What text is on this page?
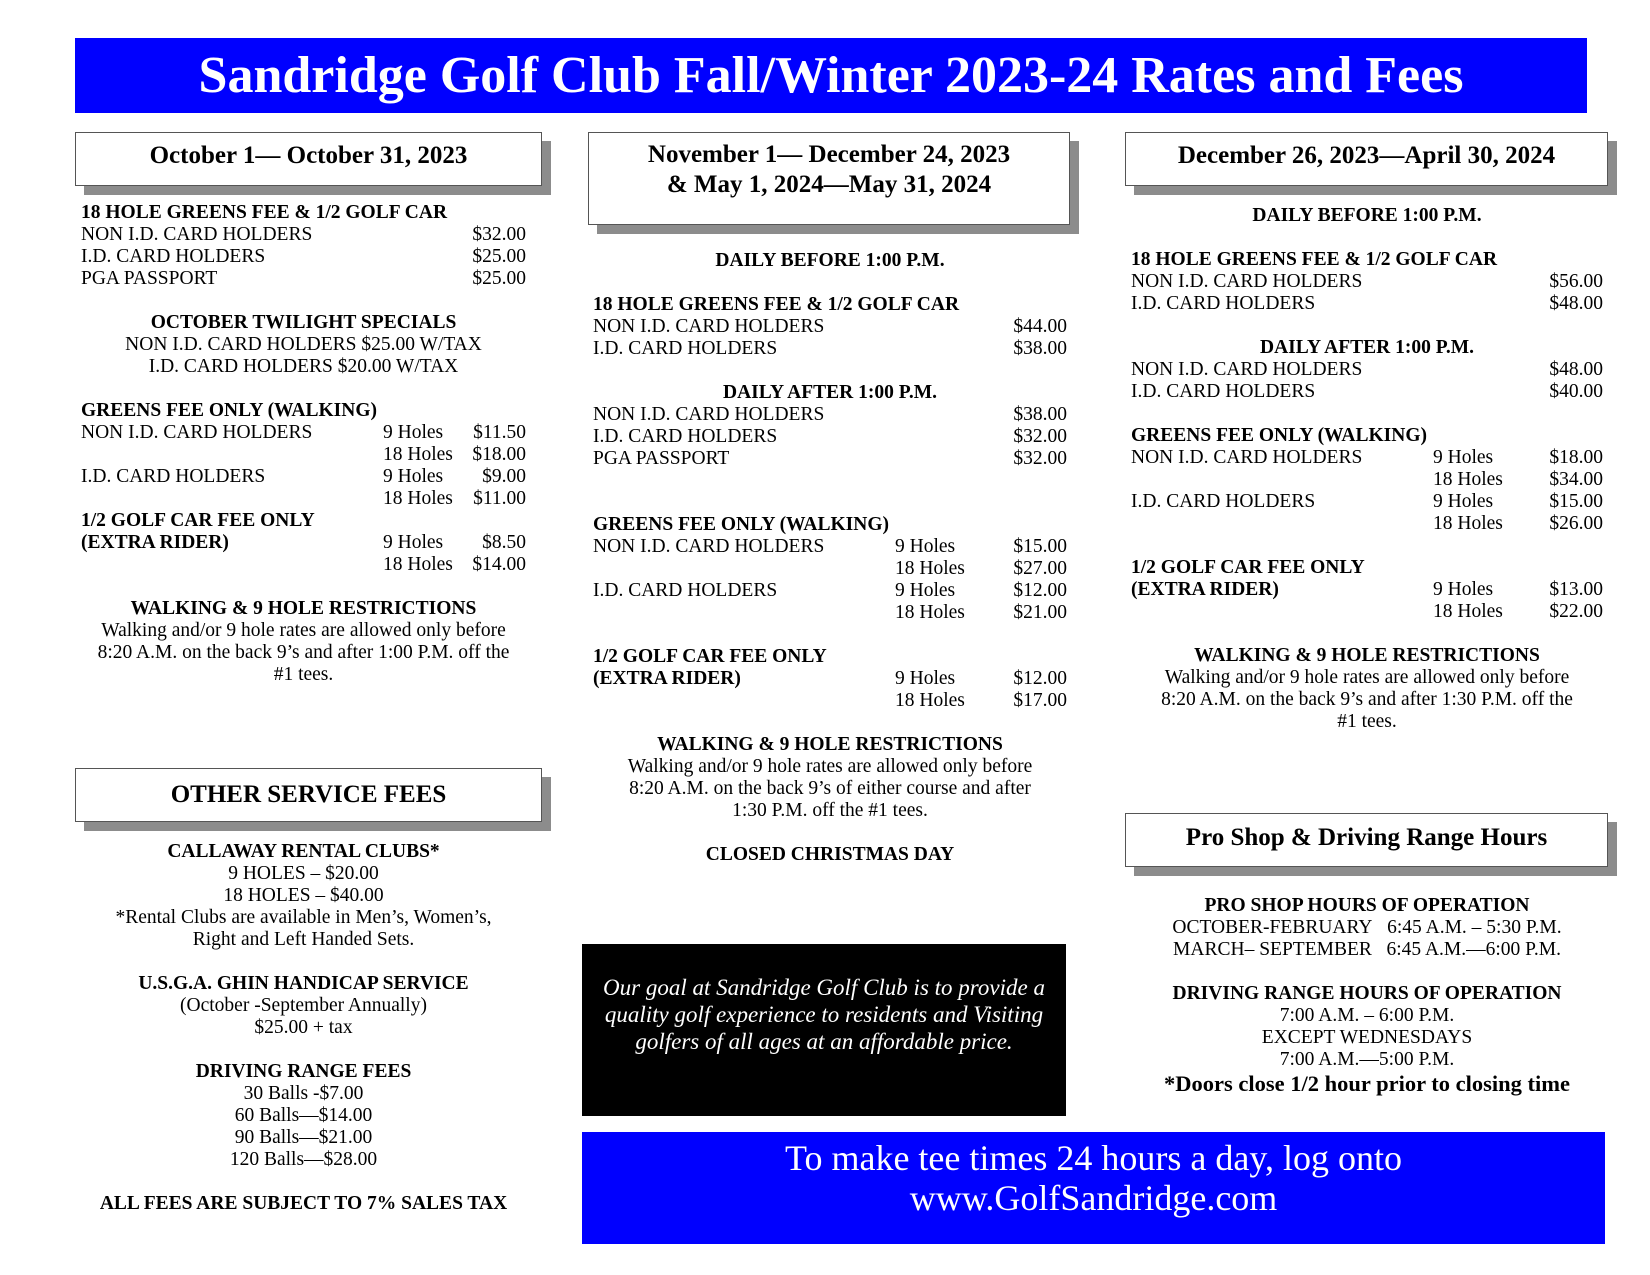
Sandridge Golf Club Fall/Winter 2023-24 Rates and Fees
October 1— October 31, 2023
18 HOLE GREENS FEE & 1/2 GOLF CAR
NON I.D. CARD HOLDERS	$32.00
I.D. CARD HOLDERS	$25.00
PGA PASSPORT	$25.00
OCTOBER TWILIGHT SPECIALS
NON I.D. CARD HOLDERS $25.00 W/TAX
I.D. CARD HOLDERS $20.00 W/TAX
GREENS FEE ONLY (WALKING)
NON I.D. CARD HOLDERS	9 Holes	$11.50
	18 Holes	$18.00
I.D. CARD HOLDERS	9 Holes	$9.00
	18 Holes	$11.00
1/2 GOLF CAR FEE ONLY		
(EXTRA RIDER)	9 Holes	$8.50
	18 Holes	$14.00
WALKING & 9 HOLE RESTRICTIONS
Walking and/or 9 hole rates are allowed only before
8:20 A.M. on the back 9’s and after 1:00 P.M. off the
#1 tees.
OTHER SERVICE FEES
CALLAWAY RENTAL CLUBS*
9 HOLES – $20.00
18 HOLES – $40.00
*Rental Clubs are available in Men’s, Women’s,
Right and Left Handed Sets.
U.S.G.A. GHIN HANDICAP SERVICE
(October -September Annually)
$25.00 + tax
DRIVING RANGE FEES
30 Balls -$7.00
60 Balls—$14.00
90 Balls—$21.00
120 Balls—$28.00
ALL FEES ARE SUBJECT TO 7% SALES TAX
November 1— December 24, 2023
& May 1, 2024—May 31, 2024
DAILY BEFORE 1:00 P.M.
18 HOLE GREENS FEE & 1/2 GOLF CAR
NON I.D. CARD HOLDERS	$44.00
I.D. CARD HOLDERS	$38.00
DAILY AFTER 1:00 P.M.
NON I.D. CARD HOLDERS	$38.00
I.D. CARD HOLDERS	$32.00
PGA PASSPORT	$32.00
GREENS FEE ONLY (WALKING)
NON I.D. CARD HOLDERS	9 Holes	$15.00
	18 Holes	$27.00
I.D. CARD HOLDERS	9 Holes	$12.00
	18 Holes	$21.00
1/2 GOLF CAR FEE ONLY		
(EXTRA RIDER)	9 Holes	$12.00
	18 Holes	$17.00
WALKING & 9 HOLE RESTRICTIONS
Walking and/or 9 hole rates are allowed only before
8:20 A.M. on the back 9’s of either course and after
1:30 P.M. off the #1 tees.
CLOSED CHRISTMAS DAY
Our goal at Sandridge Golf Club is to provide a quality golf experience to residents and Visiting golfers of all ages at an affordable price.
December 26, 2023—April 30, 2024
DAILY BEFORE 1:00 P.M.
18 HOLE GREENS FEE & 1/2 GOLF CAR
NON I.D. CARD HOLDERS	$56.00
I.D. CARD HOLDERS	$48.00
DAILY AFTER 1:00 P.M.
NON I.D. CARD HOLDERS	$48.00
I.D. CARD HOLDERS	$40.00
GREENS FEE ONLY (WALKING)
NON I.D. CARD HOLDERS	9 Holes	$18.00
	18 Holes	$34.00
I.D. CARD HOLDERS	9 Holes	$15.00
	18 Holes	$26.00
1/2 GOLF CAR FEE ONLY		
(EXTRA RIDER)	9 Holes	$13.00
	18 Holes	$22.00
WALKING & 9 HOLE RESTRICTIONS
Walking and/or 9 hole rates are allowed only before
8:20 A.M. on the back 9’s and after 1:30 P.M. off the
#1 tees.
Pro Shop & Driving Range Hours
PRO SHOP HOURS OF OPERATION
OCTOBER-FEBRUARY 6:45 A.M. – 5:30 P.M.
MARCH– SEPTEMBER 6:45 A.M.—6:00 P.M.
DRIVING RANGE HOURS OF OPERATION
7:00 A.M. – 6:00 P.M.
EXCEPT WEDNESDAYS
7:00 A.M.—5:00 P.M.
*Doors close 1/2 hour prior to closing time
To make tee times 24 hours a day, log onto
www.GolfSandridge.com
